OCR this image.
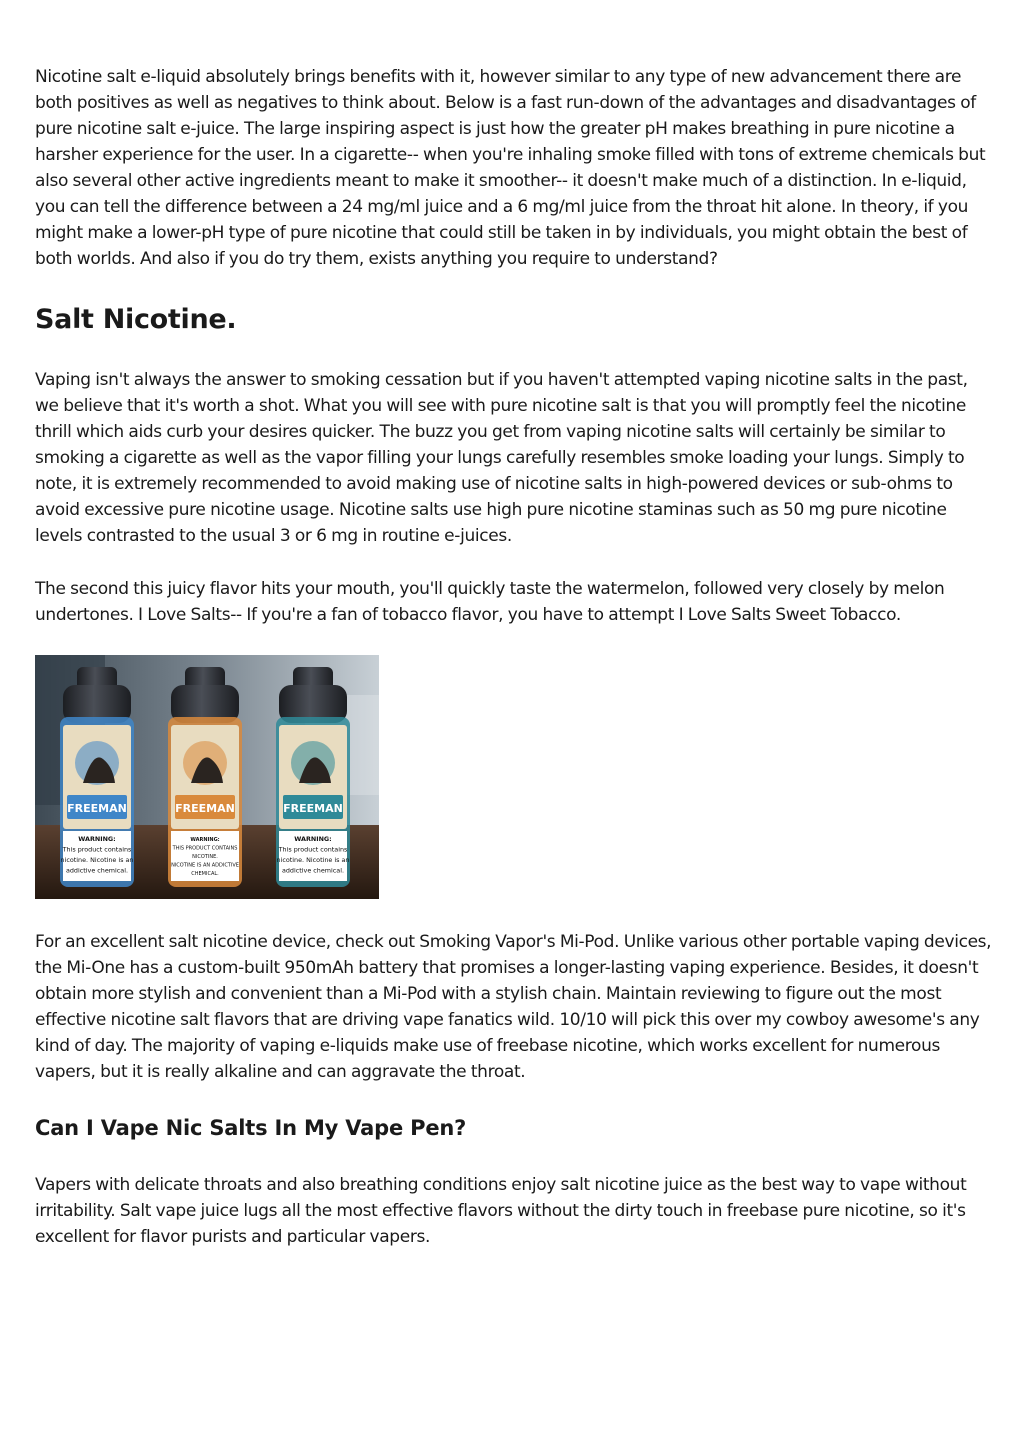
Nicotine salt e-liquid absolutely brings benefits with it, however similar to any type of new advancement there are both positives as well as negatives to think about. Below is a fast run-down of the advantages and disadvantages of pure nicotine salt e-juice. The large inspiring aspect is just how the greater pH makes breathing in pure nicotine a harsher experience for the user. In a cigarette-- when you're inhaling smoke filled with tons of extreme chemicals but also several other active ingredients meant to make it smoother-- it doesn't make much of a distinction. In e-liquid, you can tell the difference between a 24 mg/ml juice and a 6 mg/ml juice from the throat hit alone. In theory, if you might make a lower-pH type of pure nicotine that could still be taken in by individuals, you might obtain the best of both worlds. And also if you do try them, exists anything you require to understand?

Salt Nicotine.

Vaping isn't always the answer to smoking cessation but if you haven't attempted vaping nicotine salts in the past, we believe that it's worth a shot. What you will see with pure nicotine salt is that you will promptly feel the nicotine thrill which aids curb your desires quicker. The buzz you get from vaping nicotine salts will certainly be similar to smoking a cigarette as well as the vapor filling your lungs carefully resembles smoke loading your lungs. Simply to note, it is extremely recommended to avoid making use of nicotine salts in high-powered devices or sub-ohms to avoid excessive pure nicotine usage. Nicotine salts use high pure nicotine staminas such as 50 mg pure nicotine levels contrasted to the usual 3 or 6 mg in routine e-juices.

The second this juicy flavor hits your mouth, you'll quickly taste the watermelon, followed very closely by melon undertones. I Love Salts-- If you're a fan of tobacco flavor, you have to attempt I Love Salts Sweet Tobacco.

FREEMAN
WARNING:
This product contains
nicotine. Nicotine is an
addictive chemical.
FREEMAN
WARNING:
THIS PRODUCT CONTAINS
NICOTINE.
NICOTINE IS AN ADDICTIVE
CHEMICAL.
FREEMAN
WARNING:
This product contains
nicotine. Nicotine is an
addictive chemical.

For an excellent salt nicotine device, check out Smoking Vapor's Mi-Pod. Unlike various other portable vaping devices, the Mi-One has a custom-built 950mAh battery that promises a longer-lasting vaping experience. Besides, it doesn't obtain more stylish and convenient than a Mi-Pod with a stylish chain. Maintain reviewing to figure out the most effective nicotine salt flavors that are driving vape fanatics wild. 10/10 will pick this over my cowboy awesome's any kind of day. The majority of vaping e-liquids make use of freebase nicotine, which works excellent for numerous vapers, but it is really alkaline and can aggravate the throat.

Can I Vape Nic Salts In My Vape Pen?

Vapers with delicate throats and also breathing conditions enjoy salt nicotine juice as the best way to vape without irritability. Salt vape juice lugs all the most effective flavors without the dirty touch in freebase pure nicotine, so it's excellent for flavor purists and particular vapers.
